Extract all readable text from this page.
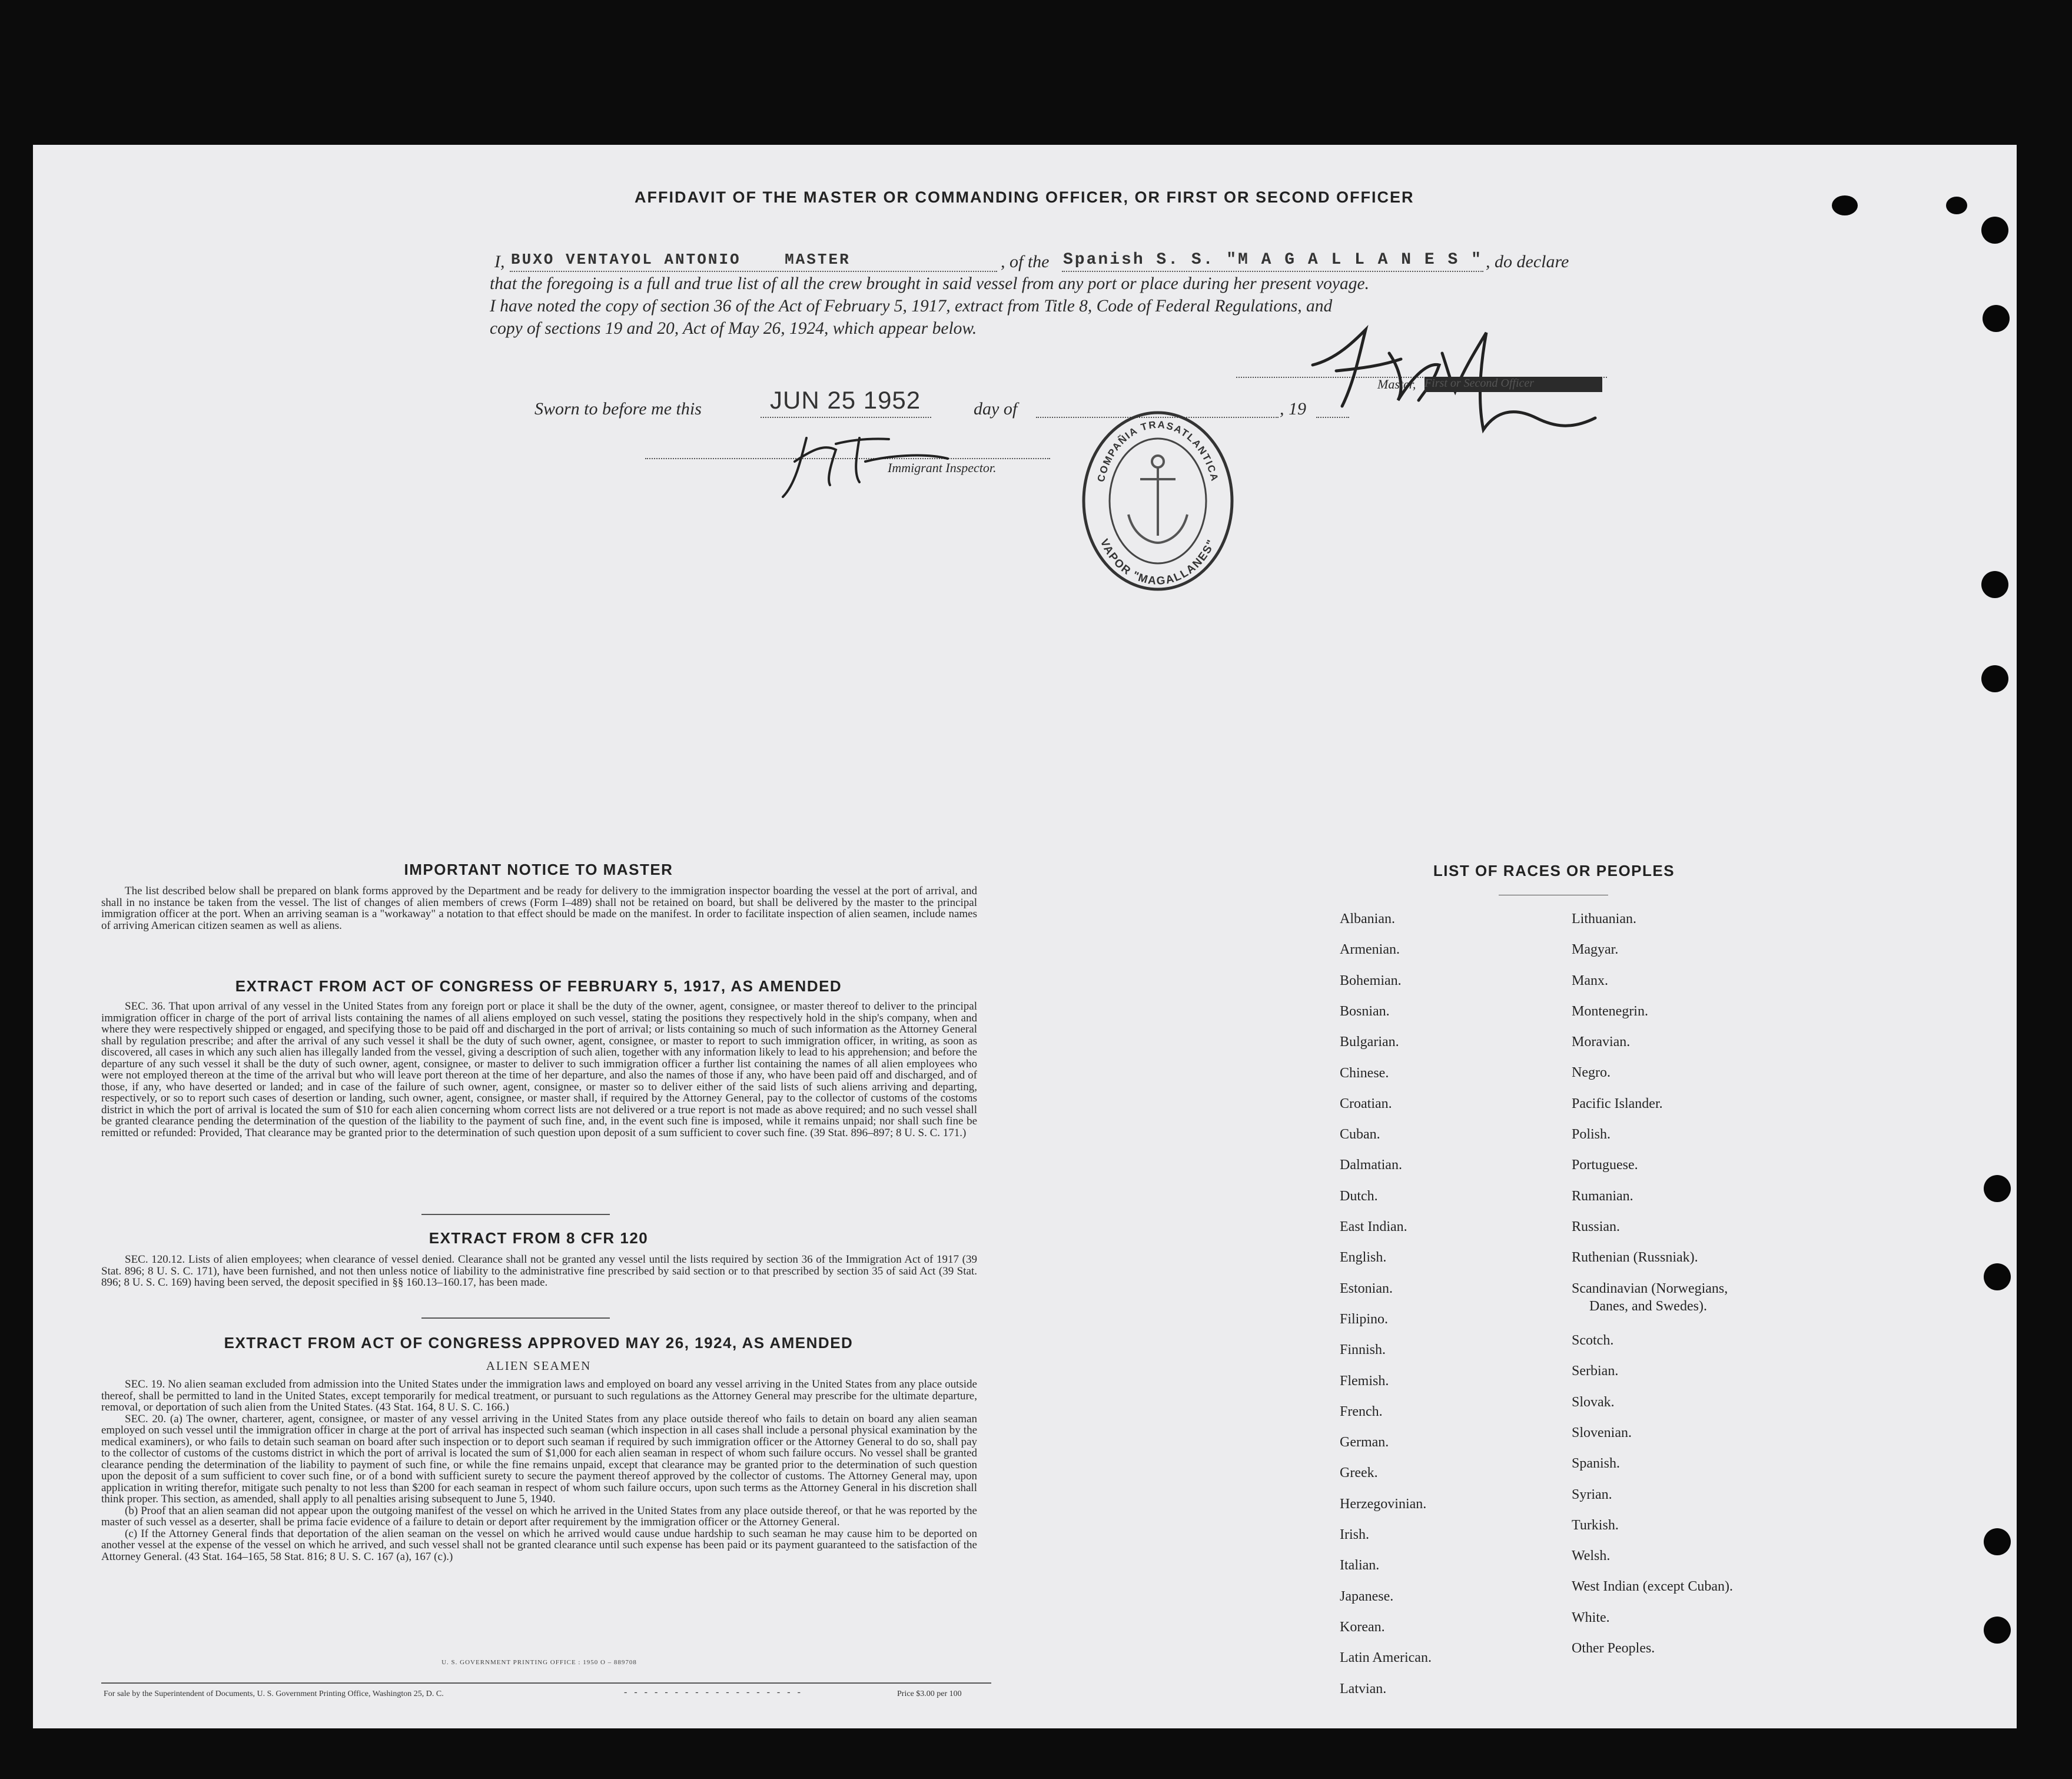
AFFIDAVIT OF THE MASTER OR COMMANDING OFFICER, OR FIRST OR SECOND OFFICER
I, BUXO VENTAYOL ANTONIO    MASTER	, of the Spanish S. S. "M A G A L L A N E S " , do declare
that the foregoing is a full and true list of all the crew brought in said vessel from any port or place during her present voyage.
I have noted the copy of section 36 of the Act of February 5, 1917, extract from Title 8, Code of Federal Regulations, and
copy of sections 19 and 20, Act of May 26, 1924, which appear below.
Master, First or Second Officer
Sworn to before me this	JUN 25 1952	day of	, 19
Immigrant Inspector.
COMPAÑIA TRASATLANTICA
VAPOR "MAGALLANES"
IMPORTANT NOTICE TO MASTER

The list described below shall be prepared on blank forms approved by the Department and be ready for delivery to the immigration inspector boarding the vessel at the port of arrival, and shall in no instance be taken from the vessel. The list of changes of alien members of crews (Form I–489) shall not be retained on board, but shall be delivered by the master to the principal immigration officer at the port. When an arriving seaman is a "workaway" a notation to that effect should be made on the manifest. In order to facilitate inspection of alien seamen, include names of arriving American citizen seamen as well as aliens.

EXTRACT FROM ACT OF CONGRESS OF FEBRUARY 5, 1917, AS AMENDED

SEC. 36. That upon arrival of any vessel in the United States from any foreign port or place it shall be the duty of the owner, agent, consignee, or master thereof to deliver to the principal immigration officer in charge of the port of arrival lists containing the names of all aliens employed on such vessel, stating the positions they respectively hold in the ship's company, when and where they were respectively shipped or engaged, and specifying those to be paid off and discharged in the port of arrival; or lists containing so much of such information as the Attorney General shall by regulation prescribe; and after the arrival of any such vessel it shall be the duty of such owner, agent, consignee, or master to report to such immigration officer, in writing, as soon as discovered, all cases in which any such alien has illegally landed from the vessel, giving a description of such alien, together with any information likely to lead to his apprehension; and before the departure of any such vessel it shall be the duty of such owner, agent, consignee, or master to deliver to such immigration officer a further list containing the names of all alien employees who were not employed thereon at the time of the arrival but who will leave port thereon at the time of her departure, and also the names of those if any, who have been paid off and discharged, and of those, if any, who have deserted or landed; and in case of the failure of such owner, agent, consignee, or master so to deliver either of the said lists of such aliens arriving and departing, respectively, or so to report such cases of desertion or landing, such owner, agent, consignee, or master shall, if required by the Attorney General, pay to the collector of customs of the costoms district in which the port of arrival is located the sum of $10 for each alien concerning whom correct lists are not delivered or a true report is not made as above required; and no such vessel shall be granted clearance pending the determination of the question of the liability to the payment of such fine, and, in the event such fine is imposed, while it remains unpaid; nor shall such fine be remitted or refunded: Provided, That clearance may be granted prior to the determination of such question upon deposit of a sum sufficient to cover such fine. (39 Stat. 896–897; 8 U. S. C. 171.)

EXTRACT FROM 8 CFR 120

SEC. 120.12. Lists of alien employees; when clearance of vessel denied. Clearance shall not be granted any vessel until the lists required by section 36 of the Immigration Act of 1917 (39 Stat. 896; 8 U. S. C. 171), have been furnished, and not then unless notice of liability to the administrative fine prescribed by said section or to that prescribed by section 35 of said Act (39 Stat. 896; 8 U. S. C. 169) having been served, the deposit specified in §§ 160.13–160.17, has been made.

EXTRACT FROM ACT OF CONGRESS APPROVED MAY 26, 1924, AS AMENDED
ALIEN SEAMEN

SEC. 19. No alien seaman excluded from admission into the United States under the immigration laws and employed on board any vessel arriving in the United States from any place outside thereof, shall be permitted to land in the United States, except temporarily for medical treatment, or pursuant to such regulations as the Attorney General may prescribe for the ultimate departure, removal, or deportation of such alien from the United States. (43 Stat. 164, 8 U. S. C. 166.)

SEC. 20. (a) The owner, charterer, agent, consignee, or master of any vessel arriving in the United States from any place outside thereof who fails to detain on board any alien seaman employed on such vessel until the immigration officer in charge at the port of arrival has inspected such seaman (which inspection in all cases shall include a personal physical examination by the medical examiners), or who fails to detain such seaman on board after such inspection or to deport such seaman if required by such immigration officer or the Attorney General to do so, shall pay to the collector of customs of the customs district in which the port of arrival is located the sum of $1,000 for each alien seaman in respect of whom such failure occurs. No vessel shall be granted clearance pending the determination of the liability to payment of such fine, or while the fine remains unpaid, except that clearance may be granted prior to the determination of such question upon the deposit of a sum sufficient to cover such fine, or of a bond with sufficient surety to secure the payment thereof approved by the collector of customs. The Attorney General may, upon application in writing therefor, mitigate such penalty to not less than $200 for each seaman in respect of whom such failure occurs, upon such terms as the Attorney General in his discretion shall think proper. This section, as amended, shall apply to all penalties arising subsequent to June 5, 1940.

(b) Proof that an alien seaman did not appear upon the outgoing manifest of the vessel on which he arrived in the United States from any place outside thereof, or that he was reported by the master of such vessel as a deserter, shall be prima facie evidence of a failure to detain or deport after requirement by the immigration officer or the Attorney General.

(c) If the Attorney General finds that deportation of the alien seaman on the vessel on which he arrived would cause undue hardship to such seaman he may cause him to be deported on another vessel at the expense of the vessel on which he arrived, and such vessel shall not be granted clearance until such expense has been paid or its payment guaranteed to the satisfaction of the Attorney General. (43 Stat. 164–165, 58 Stat. 816; 8 U. S. C. 167 (a), 167 (c).)

U. S. GOVERNMENT PRINTING OFFICE : 1950 O – 889708
For sale by the Superintendent of Documents, U. S. Government Printing Office, Washington 25, D. C.	- - - - - - - - - - - - - - - - - -	Price $3.00 per 100
LIST OF RACES OR PEOPLES
Albanian.
Armenian.
Bohemian.
Bosnian.
Bulgarian.
Chinese.
Croatian.
Cuban.
Dalmatian.
Dutch.
East Indian.
English.
Estonian.
Filipino.
Finnish.
Flemish.
French.
German.
Greek.
Herzegovinian.
Irish.
Italian.
Japanese.
Korean.
Latin American.
Latvian.
Lithuanian.
Magyar.
Manx.
Montenegrin.
Moravian.
Negro.
Pacific Islander.
Polish.
Portuguese.
Rumanian.
Russian.
Ruthenian (Russniak).
Scandinavian (Norwegians,
Danes, and Swedes).
Scotch.
Serbian.
Slovak.
Slovenian.
Spanish.
Syrian.
Turkish.
Welsh.
West Indian (except Cuban).
White.
Other Peoples.
